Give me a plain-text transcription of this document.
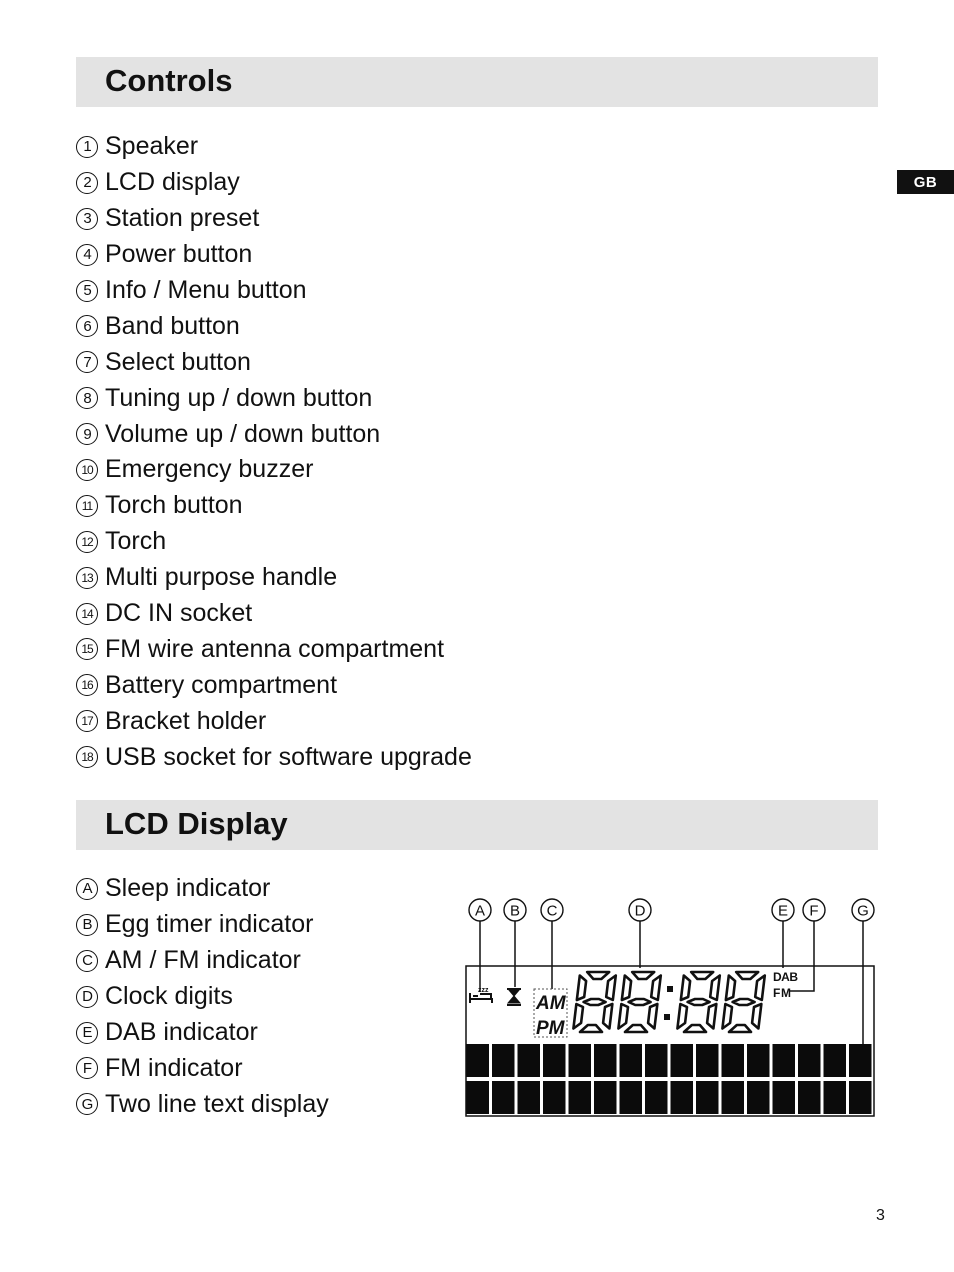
Controls
GB
1 Speaker
2 LCD display
3 Station preset
4 Power button
5 Info / Menu button
6 Band button
7 Select button
8 Tuning up / down button
9 Volume up / down button
10 Emergency buzzer
11 Torch button
12 Torch
13 Multi purpose handle
14 DC IN socket
15 FM wire antenna compartment
16 Battery compartment
17 Bracket holder
18 USB socket for software upgrade
LCD Display
A Sleep indicator
B Egg timer indicator
C AM / FM indicator
D Clock digits
E DAB indicator
F FM indicator
G Two line text display
A B C	D	E F	G
zzz
AM
PM
DAB
FM
3
